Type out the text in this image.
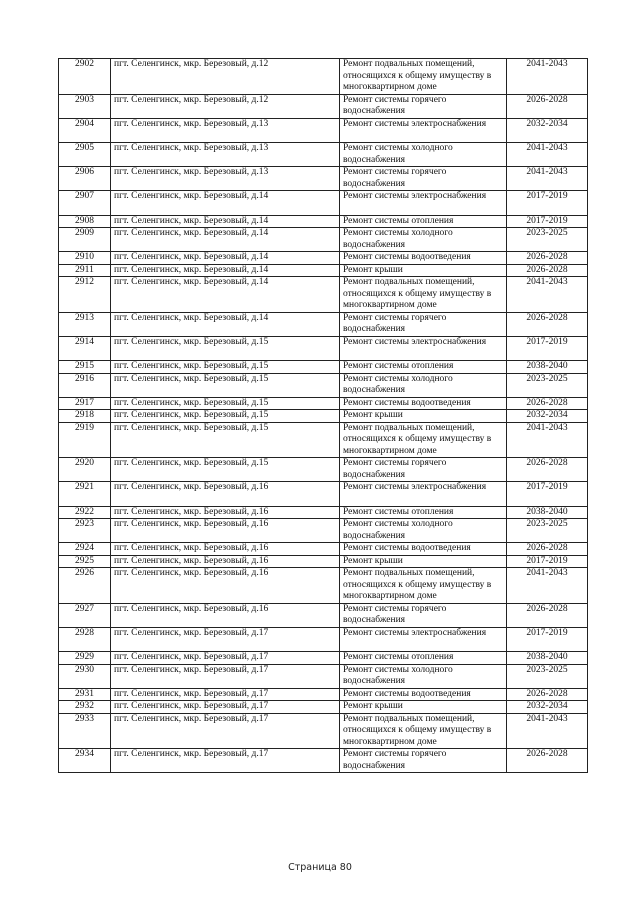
2902	пгт. Селенгинск, мкр. Березовый, д.12	Ремонт подвальных помещений, относящихся к общему имуществу в многоквартирном доме	2041-2043
2903	пгт. Селенгинск, мкр. Березовый, д.12	Ремонт системы горячего водоснабжения	2026-2028
2904	пгт. Селенгинск, мкр. Березовый, д.13	Ремонт системы электроснабжения	2032-2034
2905	пгт. Селенгинск, мкр. Березовый, д.13	Ремонт системы холодного водоснабжения	2041-2043
2906	пгт. Селенгинск, мкр. Березовый, д.13	Ремонт системы горячего водоснабжения	2041-2043
2907	пгт. Селенгинск, мкр. Березовый, д.14	Ремонт системы электроснабжения	2017-2019
2908	пгт. Селенгинск, мкр. Березовый, д.14	Ремонт системы отопления	2017-2019
2909	пгт. Селенгинск, мкр. Березовый, д.14	Ремонт системы холодного водоснабжения	2023-2025
2910	пгт. Селенгинск, мкр. Березовый, д.14	Ремонт системы водоотведения	2026-2028
2911	пгт. Селенгинск, мкр. Березовый, д.14	Ремонт крыши	2026-2028
2912	пгт. Селенгинск, мкр. Березовый, д.14	Ремонт подвальных помещений, относящихся к общему имуществу в многоквартирном доме	2041-2043
2913	пгт. Селенгинск, мкр. Березовый, д.14	Ремонт системы горячего водоснабжения	2026-2028
2914	пгт. Селенгинск, мкр. Березовый, д.15	Ремонт системы электроснабжения	2017-2019
2915	пгт. Селенгинск, мкр. Березовый, д.15	Ремонт системы отопления	2038-2040
2916	пгт. Селенгинск, мкр. Березовый, д.15	Ремонт системы холодного водоснабжения	2023-2025
2917	пгт. Селенгинск, мкр. Березовый, д.15	Ремонт системы водоотведения	2026-2028
2918	пгт. Селенгинск, мкр. Березовый, д.15	Ремонт крыши	2032-2034
2919	пгт. Селенгинск, мкр. Березовый, д.15	Ремонт подвальных помещений, относящихся к общему имуществу в многоквартирном доме	2041-2043
2920	пгт. Селенгинск, мкр. Березовый, д.15	Ремонт системы горячего водоснабжения	2026-2028
2921	пгт. Селенгинск, мкр. Березовый, д.16	Ремонт системы электроснабжения	2017-2019
2922	пгт. Селенгинск, мкр. Березовый, д.16	Ремонт системы отопления	2038-2040
2923	пгт. Селенгинск, мкр. Березовый, д.16	Ремонт системы холодного водоснабжения	2023-2025
2924	пгт. Селенгинск, мкр. Березовый, д.16	Ремонт системы водоотведения	2026-2028
2925	пгт. Селенгинск, мкр. Березовый, д.16	Ремонт крыши	2017-2019
2926	пгт. Селенгинск, мкр. Березовый, д.16	Ремонт подвальных помещений, относящихся к общему имуществу в многоквартирном доме	2041-2043
2927	пгт. Селенгинск, мкр. Березовый, д.16	Ремонт системы горячего водоснабжения	2026-2028
2928	пгт. Селенгинск, мкр. Березовый, д.17	Ремонт системы электроснабжения	2017-2019
2929	пгт. Селенгинск, мкр. Березовый, д.17	Ремонт системы отопления	2038-2040
2930	пгт. Селенгинск, мкр. Березовый, д.17	Ремонт системы холодного водоснабжения	2023-2025
2931	пгт. Селенгинск, мкр. Березовый, д.17	Ремонт системы водоотведения	2026-2028
2932	пгт. Селенгинск, мкр. Березовый, д.17	Ремонт крыши	2032-2034
2933	пгт. Селенгинск, мкр. Березовый, д.17	Ремонт подвальных помещений, относящихся к общему имуществу в многоквартирном доме	2041-2043
2934	пгт. Селенгинск, мкр. Березовый, д.17	Ремонт системы горячего водоснабжения	2026-2028
Страница 80
